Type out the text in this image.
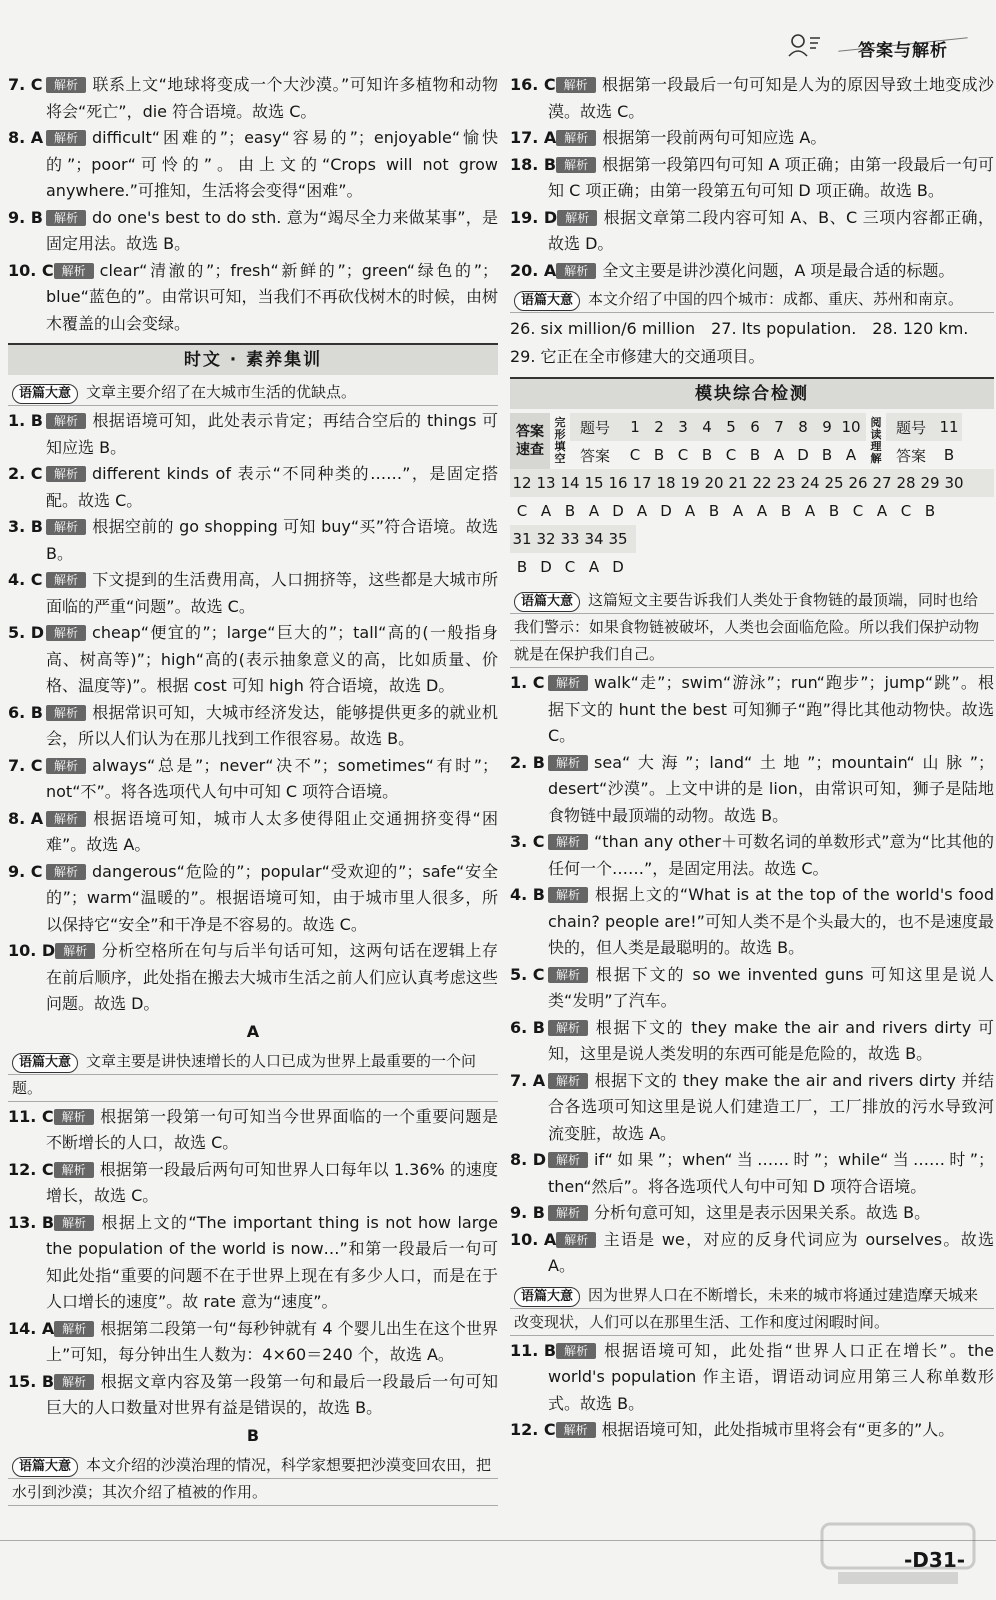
答案与解析
7. C 解析 联系上文“地球将变成一个大沙漠。”可知许多植物和动物将会“死亡”，die 符合语境。故选 C。
8. A 解析 difficult“困难的”；easy“容易的”；enjoyable“愉快的”；poor“可怜的”。由上文的“Crops will not grow anywhere.”可推知，生活将会变得“困难”。
9. B 解析 do one's best to do sth. 意为“竭尽全力来做某事”，是固定用法。故选 B。
10. C 解析 clear“清澈的”；fresh“新鲜的”；green“绿色的”；blue“蓝色的”。由常识可知，当我们不再砍伐树木的时候，由树木覆盖的山会变绿。
时文 · 素养集训
语篇大意 文章主要介绍了在大城市生活的优缺点。
1. B 解析 根据语境可知，此处表示肯定；再结合空后的 things 可知应选 B。
2. C 解析 different kinds of 表示“不同种类的……”，是固定搭配。故选 C。
3. B 解析 根据空前的 go shopping 可知 buy“买”符合语境。故选 B。
4. C 解析 下文提到的生活费用高，人口拥挤等，这些都是大城市所面临的严重“问题”。故选 C。
5. D 解析 cheap“便宜的”；large“巨大的”；tall“高的(一般指身高、树高等)”；high“高的(表示抽象意义的高，比如质量、价格、温度等)”。根据 cost 可知 high 符合语境，故选 D。
6. B 解析 根据常识可知，大城市经济发达，能够提供更多的就业机会，所以人们认为在那儿找到工作很容易。故选 B。
7. C 解析 always“总是”；never“决不”；sometimes“有时”；not“不”。将各选项代人句中可知 C 项符合语境。
8. A 解析 根据语境可知，城市人太多使得阻止交通拥挤变得“困难”。故选 A。
9. C 解析 dangerous“危险的”；popular“受欢迎的”；safe“安全的”；warm“温暖的”。根据语境可知，由于城市里人很多，所以保持它“安全”和干净是不容易的。故选 C。
10. D 解析 分析空格所在句与后半句话可知，这两句话在逻辑上存在前后顺序，此处指在搬去大城市生活之前人们应认真考虑这些问题。故选 D。
A
语篇大意 文章主要是讲快速增长的人口已成为世界上最重要的一个问题。
11. C 解析 根据第一段第一句可知当今世界面临的一个重要问题是不断增长的人口，故选 C。
12. C 解析 根据第一段最后两句可知世界人口每年以 1.36% 的速度增长，故选 C。
13. B 解析 根据上文的“The important thing is not how large the population of the world is now…”和第一段最后一句可知此处指“重要的问题不在于世界上现在有多少人口，而是在于人口增长的速度”。故 rate 意为“速度”。
14. A 解析 根据第二段第一句“每秒钟就有 4 个婴儿出生在这个世界上”可知，每分钟出生人数为：4×60＝240 个，故选 A。
15. B 解析 根据文章内容及第一段第一句和最后一段最后一句可知巨大的人口数量对世界有益是错误的，故选 B。
B
语篇大意 本文介绍的沙漠治理的情况，科学家想要把沙漠变回农田，把水引到沙漠；其次介绍了植被的作用。
16. C 解析 根据第一段最后一句可知是人为的原因导致土地变成沙漠。故选 C。
17. A 解析 根据第一段前两句可知应选 A。
18. B 解析 根据第一段第四句可知 A 项正确；由第一段最后一句可知 C 项正确；由第一段第五句可知 D 项正确。故选 B。
19. D 解析 根据文章第二段内容可知 A、B、C 三项内容都正确，故选 D。
20. A 解析 全文主要是讲沙漠化问题，A 项是最合适的标题。
语篇大意 本文介绍了中国的四个城市：成都、重庆、苏州和南京。
26. six million/6 million　27. Its population.　28. 120 km.
29. 它正在全市修建大的交通项目。
模块综合检测
答案速查	完形填空	题号	1 2 3 4 5 6 7 8 9 10	阅读理解	题号	11
		答案	C B C B C B A D B A		答案	B
12 13 14 15 16 17 18 19 20 21 22 23 24 25 26 27 28 29 30
C A B A D A D A B A A B A B C A C B
31 32 33 34 35
B D C A D
语篇大意 这篇短文主要告诉我们人类处于食物链的最顶端，同时也给我们警示：如果食物链被破坏，人类也会面临危险。所以我们保护动物就是在保护我们自己。
1. C 解析 walk“走”；swim“游泳”；run“跑步”；jump“跳”。根据下文的 hunt the best 可知狮子“跑”得比其他动物快。故选 C。
2. B 解析 sea“大海”；land“土地”；mountain“山脉”；desert“沙漠”。上文中讲的是 lion，由常识可知，狮子是陆地食物链中最顶端的动物。故选 B。
3. C 解析 “than any other＋可数名词的单数形式”意为“比其他的任何一个……”，是固定用法。故选 C。
4. B 解析 根据上文的“What is at the top of the world's food chain? people are!”可知人类不是个头最大的，也不是速度最快的，但人类是最聪明的。故选 B。
5. C 解析 根据下文的 so we invented guns 可知这里是说人类“发明”了汽车。
6. B 解析 根据下文的 they make the air and rivers dirty 可知，这里是说人类发明的东西可能是危险的，故选 B。
7. A 解析 根据下文的 they make the air and rivers dirty 并结合各选项可知这里是说人们建造工厂，工厂排放的污水导致河流变脏，故选 A。
8. D 解析 if“如果”；when“当……时”；while“当……时”；then“然后”。将各选项代人句中可知 D 项符合语境。
9. B 解析 分析句意可知，这里是表示因果关系。故选 B。
10. A 解析 主语是 we，对应的反身代词应为 ourselves。故选 A。
语篇大意 因为世界人口在不断增长，未来的城市将通过建造摩天城来改变现状，人们可以在那里生活、工作和度过闲暇时间。
11. B 解析 根据语境可知，此处指“世界人口正在增长”。the world's population 作主语，谓语动词应用第三人称单数形式。故选 B。
12. C 解析 根据语境可知，此处指城市里将会有“更多的”人。
-D31-
